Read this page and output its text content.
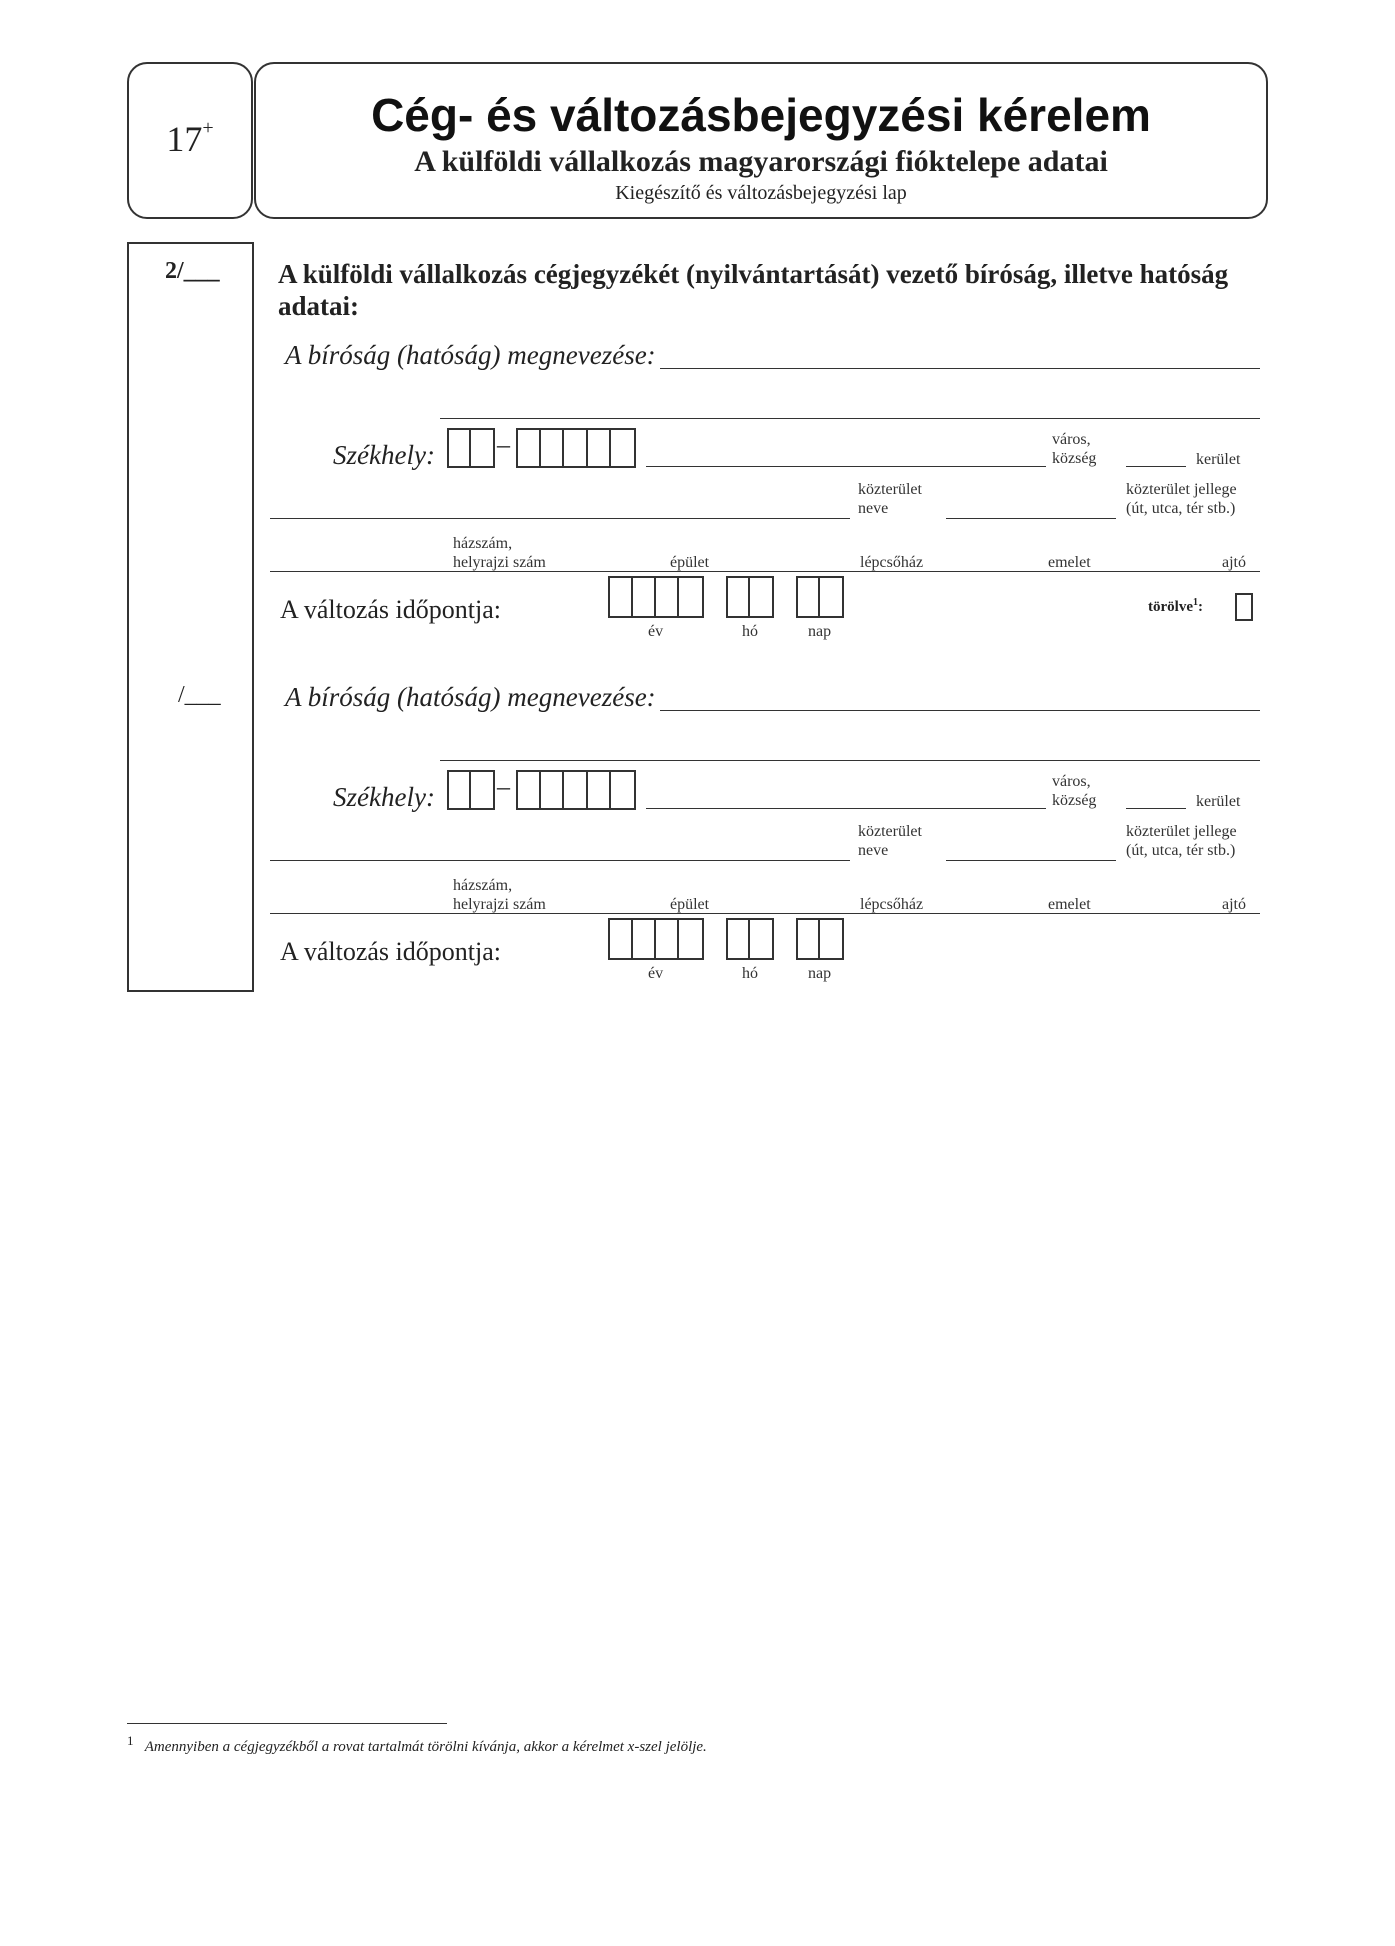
17+	Cég- és változásbejegyzési kérelem
A külföldi vállalkozás magyarországi fióktelepe adatai
Kiegészítő és változásbejegyzési lap
2/___
/___
A külföldi vállalkozás cégjegyzékét (nyilvántartását) vezető bíróság, illetve hatóság adatai:
A bíróság (hatóság) megnevezése:
Székhely: –	város,
község	kerület
közterület
neve
közterület jellege
(út, utca, tér stb.)
házszám,
helyrajzi szám	épület	lépcsőház	emelet	ajtó
A változás időpontja:
év	hó	nap
törölve$^1$:
A bíróság (hatóság) megnevezése:
Székhely: –	város,
község	kerület
közterület
neve
közterület jellege
(út, utca, tér stb.)
házszám,
helyrajzi szám	épület	lépcsőház	emelet	ajtó
A változás időpontja:
év	hó	nap
$^1$ Amennyiben a cégjegyzékből a rovat tartalmát törölni kívánja, akkor a kérelmet x-szel jelölje.
